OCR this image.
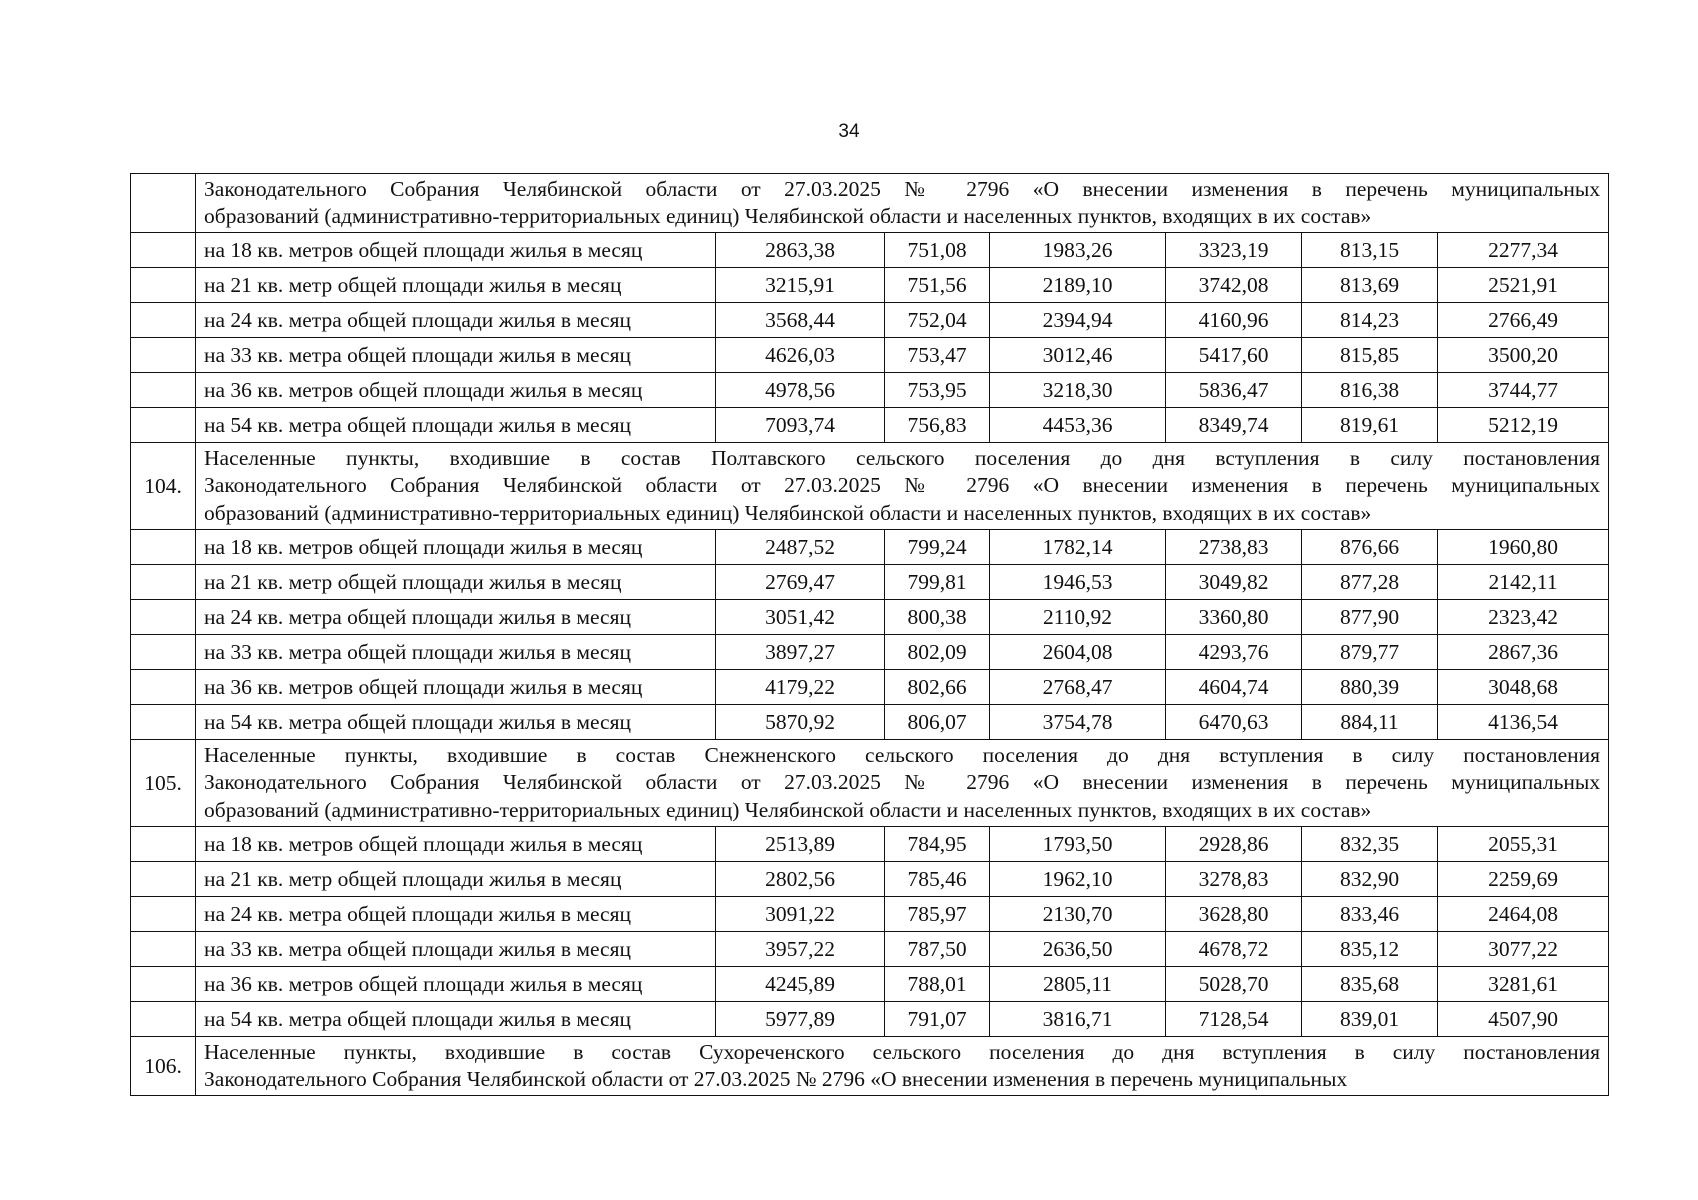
34

	Законодательного Собрания Челябинской области от 27.03.2025 № 2796 «О внесении изменения в перечень муниципальных
образований (административно-территориальных единиц) Челябинской области и населенных пунктов, входящих в их состав»						

	на 18 кв. метров общей площади жилья в месяц	2863,38	751,08	1983,26	3323,19	813,15	2277,34
	на 21 кв. метр общей площади жилья в месяц	3215,91	751,56	2189,10	3742,08	813,69	2521,91
	на 24 кв. метра общей площади жилья в месяц	3568,44	752,04	2394,94	4160,96	814,23	2766,49
	на 33 кв. метра общей площади жилья в месяц	4626,03	753,47	3012,46	5417,60	815,85	3500,20
	на 36 кв. метров общей площади жилья в месяц	4978,56	753,95	3218,30	5836,47	816,38	3744,77
	на 54 кв. метра общей площади жилья в месяц	7093,74	756,83	4453,36	8349,74	819,61	5212,19
104.	Населенные пункты, входившие в состав Полтавского сельского поселения до дня вступления в силу постановления
Законодательного Собрания Челябинской области от 27.03.2025 № 2796 «О внесении изменения в перечень муниципальных
образований (административно-территориальных единиц) Челябинской области и населенных пунктов, входящих в их состав»						

	на 18 кв. метров общей площади жилья в месяц	2487,52	799,24	1782,14	2738,83	876,66	1960,80
	на 21 кв. метр общей площади жилья в месяц	2769,47	799,81	1946,53	3049,82	877,28	2142,11
	на 24 кв. метра общей площади жилья в месяц	3051,42	800,38	2110,92	3360,80	877,90	2323,42
	на 33 кв. метра общей площади жилья в месяц	3897,27	802,09	2604,08	4293,76	879,77	2867,36
	на 36 кв. метров общей площади жилья в месяц	4179,22	802,66	2768,47	4604,74	880,39	3048,68
	на 54 кв. метра общей площади жилья в месяц	5870,92	806,07	3754,78	6470,63	884,11	4136,54
105.	Населенные пункты, входившие в состав Снежненского сельского поселения до дня вступления в силу постановления
Законодательного Собрания Челябинской области от 27.03.2025 № 2796 «О внесении изменения в перечень муниципальных
образований (административно-территориальных единиц) Челябинской области и населенных пунктов, входящих в их состав»						

	на 18 кв. метров общей площади жилья в месяц	2513,89	784,95	1793,50	2928,86	832,35	2055,31
	на 21 кв. метр общей площади жилья в месяц	2802,56	785,46	1962,10	3278,83	832,90	2259,69
	на 24 кв. метра общей площади жилья в месяц	3091,22	785,97	2130,70	3628,80	833,46	2464,08
	на 33 кв. метра общей площади жилья в месяц	3957,22	787,50	2636,50	4678,72	835,12	3077,22
	на 36 кв. метров общей площади жилья в месяц	4245,89	788,01	2805,11	5028,70	835,68	3281,61
	на 54 кв. метра общей площади жилья в месяц	5977,89	791,07	3816,71	7128,54	839,01	4507,90
106.	Населенные пункты, входившие в состав Сухореченского сельского поселения до дня вступления в силу постановления
Законодательного Собрания Челябинской области от 27.03.2025 № 2796 «О внесении изменения в перечень муниципальных						
